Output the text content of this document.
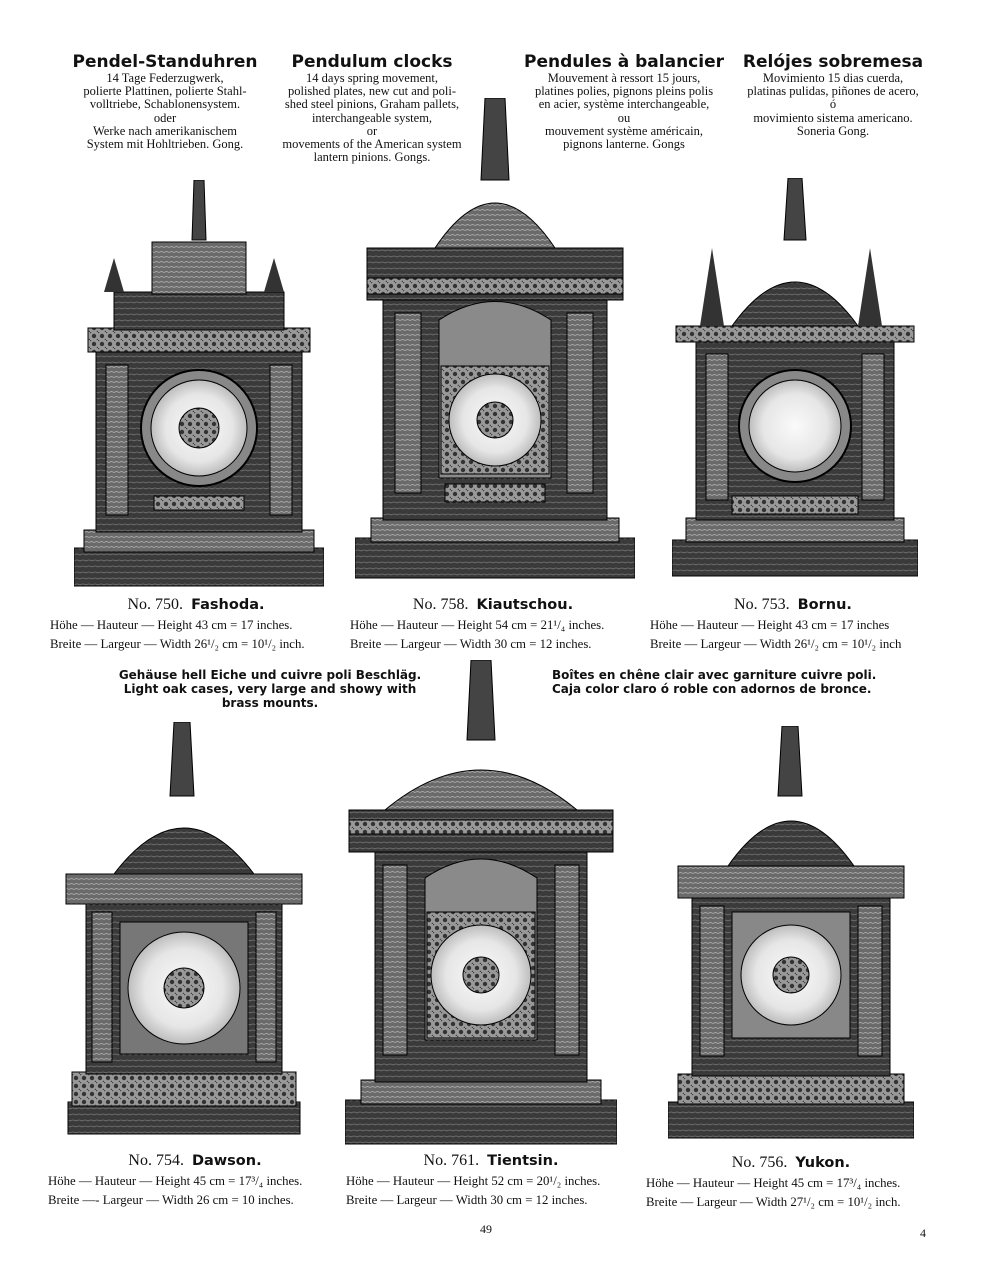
Pendel-Standuhren
14 Tage Federzugwerk,
polierte Plattinen, polierte Stahl-
volltriebe, Schablonensystem.
oder
Werke nach amerikanischem
System mit Hohltrieben. Gong.
Pendulum clocks
14 days spring movement,
polished plates, new cut and poli-
shed steel pinions, Graham pallets,
interchangeable system,
or
movements of the American system
lantern pinions. Gongs.
Pendules à balancier
Mouvement à ressort 15 jours,
platines polies, pignons pleins polis
en acier, système interchangeable,
ou
mouvement système américain,
pignons lanterne. Gongs
Relójes sobremesa
Movimiento 15 dias cuerda,
platinas pulidas, piñones de acero,
ó
movimiento sistema americano.
Soneria Gong.
No. 750. Fashoda.
Höhe — Hauteur — Height 43 cm = 17 inches.
Breite — Largeur — Width 26¹/₂ cm = 10¹/₂ inch.
No. 758. Kiautschou.
Höhe — Hauteur — Height 54 cm = 21¹/₄ inches.
Breite — Largeur — Width 30 cm = 12 inches.
No. 753. Bornu.
Höhe — Hauteur — Height 43 cm = 17 inches
Breite — Largeur — Width 26¹/₂ cm = 10¹/₂ inch
No. 754. Dawson.
Höhe — Hauteur — Height 45 cm = 17³/₄ inches.
Breite —- Largeur — Width 26 cm = 10 inches.
No. 761. Tientsin.
Höhe — Hauteur — Height 52 cm = 20¹/₂ inches.
Breite — Largeur — Width 30 cm = 12 inches.
No. 756. Yukon.
Höhe — Hauteur — Height 45 cm = 17³/₄ inches.
Breite — Largeur — Width 27¹/₂ cm = 10¹/₂ inch.
Gehäuse hell Eiche und cuivre poli Beschläg.
Light oak cases, very large and showy with
brass mounts.
Boîtes en chêne clair avec garniture cuivre poli.
Caja color claro ó roble con adornos de bronce.
49	4
